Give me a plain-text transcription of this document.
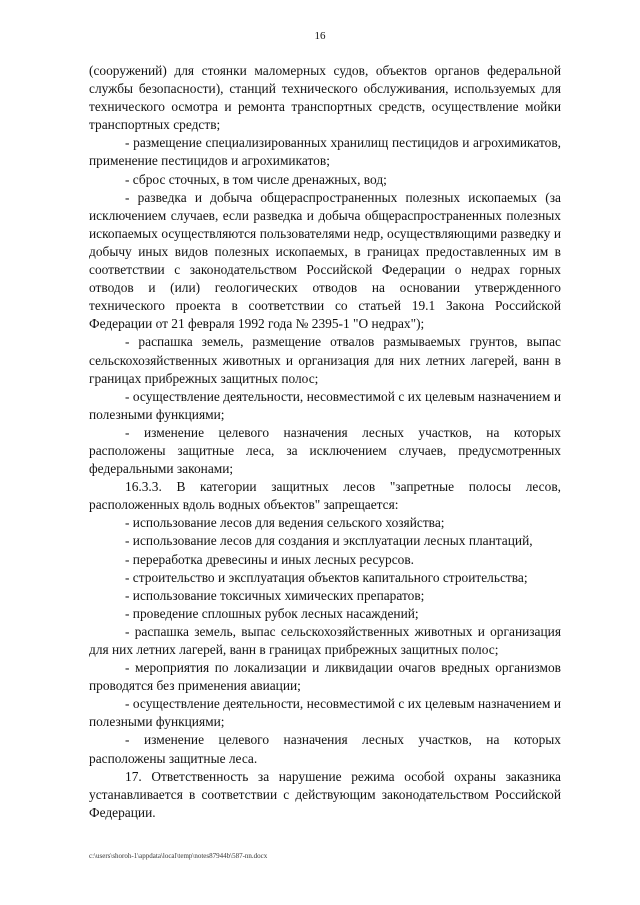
16

(сооружений) для стоянки маломерных судов, объектов органов федеральной службы безопасности), станций технического обслуживания, используемых для технического осмотра и ремонта транспортных средств, осуществление мойки транспортных средств;

- размещение специализированных хранилищ пестицидов и агрохимикатов, применение пестицидов и агрохимикатов;

- сброс сточных, в том числе дренажных, вод;

- разведка и добыча общераспространенных полезных ископаемых (за исключением случаев, если разведка и добыча общераспространенных полезных ископаемых осуществляются пользователями недр, осуществляющими разведку и добычу иных видов полезных ископаемых, в границах предоставленных им в соответствии с законодательством Российской Федерации о недрах горных отводов и (или) геологических отводов на основании утвержденного технического проекта в соответствии со статьей 19.1 Закона Российской Федерации от 21 февраля 1992 года № 2395-1 "О недрах");

- распашка земель, размещение отвалов размываемых грунтов, выпас сельскохозяйственных животных и организация для них летних лагерей, ванн в границах прибрежных защитных полос;

- осуществление деятельности, несовместимой с их целевым назначением и полезными функциями;

- изменение целевого назначения лесных участков, на которых расположены защитные леса, за исключением случаев, предусмотренных федеральными законами;

16.3.3. В категории защитных лесов "запретные полосы лесов, расположенных вдоль водных объектов" запрещается:

- использование лесов для ведения сельского хозяйства;

- использование лесов для создания и эксплуатации лесных плантаций,

- переработка древесины и иных лесных ресурсов.

- строительство и эксплуатация объектов капитального строительства;

- использование токсичных химических препаратов;

- проведение сплошных рубок лесных насаждений;

- распашка земель, выпас сельскохозяйственных животных и организация для них летних лагерей, ванн в границах прибрежных защитных полос;

- мероприятия по локализации и ликвидации очагов вредных организмов проводятся без применения авиации;

- осуществление деятельности, несовместимой с их целевым назначением и полезными функциями;

- изменение целевого назначения лесных участков, на которых расположены защитные леса.

17. Ответственность за нарушение режима особой охраны заказника устанавливается в соответствии с действующим законодательством Российской Федерации.

c:\users\shoroh-1\appdata\local\temp\notes87944b\587-nn.docx
